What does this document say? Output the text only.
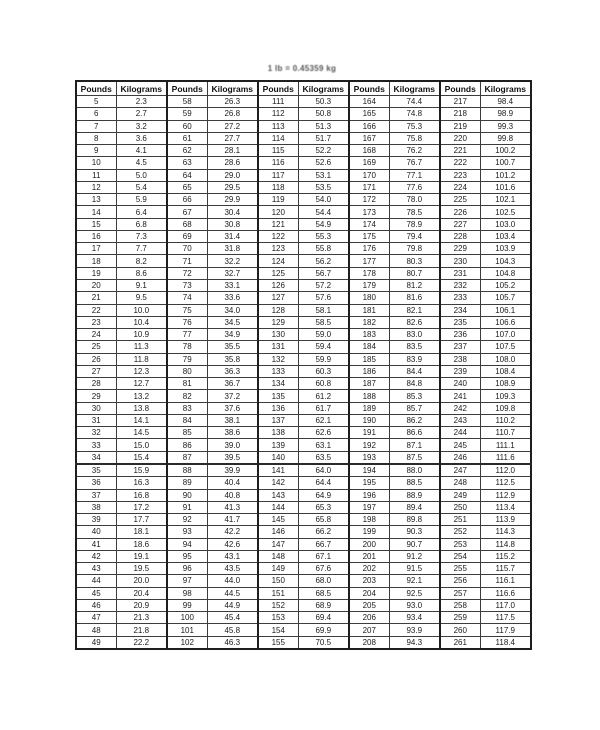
1 lb = 0.45359 kg
Pounds	Kilograms	Pounds	Kilograms	Pounds	Kilograms	Pounds	Kilograms	Pounds	Kilograms
5	2.3	58	26.3	111	50.3	164	74.4	217	98.4
6	2.7	59	26.8	112	50.8	165	74.8	218	98.9
7	3.2	60	27.2	113	51.3	166	75.3	219	99.3
8	3.6	61	27.7	114	51.7	167	75.8	220	99.8
9	4.1	62	28.1	115	52.2	168	76.2	221	100.2
10	4.5	63	28.6	116	52.6	169	76.7	222	100.7
11	5.0	64	29.0	117	53.1	170	77.1	223	101.2
12	5.4	65	29.5	118	53.5	171	77.6	224	101.6
13	5.9	66	29.9	119	54.0	172	78.0	225	102.1
14	6.4	67	30.4	120	54.4	173	78.5	226	102.5
15	6.8	68	30.8	121	54.9	174	78.9	227	103.0
16	7.3	69	31.4	122	55.3	175	79.4	228	103.4
17	7.7	70	31.8	123	55.8	176	79.8	229	103.9
18	8.2	71	32.2	124	56.2	177	80.3	230	104.3
19	8.6	72	32.7	125	56.7	178	80.7	231	104.8
20	9.1	73	33.1	126	57.2	179	81.2	232	105.2
21	9.5	74	33.6	127	57.6	180	81.6	233	105.7
22	10.0	75	34.0	128	58.1	181	82.1	234	106.1
23	10.4	76	34.5	129	58.5	182	82.6	235	106.6
24	10.9	77	34.9	130	59.0	183	83.0	236	107.0
25	11.3	78	35.5	131	59.4	184	83.5	237	107.5
26	11.8	79	35.8	132	59.9	185	83.9	238	108.0
27	12.3	80	36.3	133	60.3	186	84.4	239	108.4
28	12.7	81	36.7	134	60.8	187	84.8	240	108.9
29	13.2	82	37.2	135	61.2	188	85.3	241	109.3
30	13.8	83	37.6	136	61.7	189	85.7	242	109.8
31	14.1	84	38.1	137	62.1	190	86.2	243	110.2
32	14.5	85	38.6	138	62.6	191	86.6	244	110.7
33	15.0	86	39.0	139	63.1	192	87.1	245	111.1
34	15.4	87	39.5	140	63.5	193	87.5	246	111.6
35	15.9	88	39.9	141	64.0	194	88.0	247	112.0
36	16.3	89	40.4	142	64.4	195	88.5	248	112.5
37	16.8	90	40.8	143	64.9	196	88.9	249	112.9
38	17.2	91	41.3	144	65.3	197	89.4	250	113.4
39	17.7	92	41.7	145	65.8	198	89.8	251	113.9
40	18.1	93	42.2	146	66.2	199	90.3	252	114.3
41	18.6	94	42.6	147	66.7	200	90.7	253	114.8
42	19.1	95	43.1	148	67.1	201	91.2	254	115.2
43	19.5	96	43.5	149	67.6	202	91.5	255	115.7
44	20.0	97	44.0	150	68.0	203	92.1	256	116.1
45	20.4	98	44.5	151	68.5	204	92.5	257	116.6
46	20.9	99	44.9	152	68.9	205	93.0	258	117.0
47	21.3	100	45.4	153	69.4	206	93.4	259	117.5
48	21.8	101	45.8	154	69.9	207	93.9	260	117.9
49	22.2	102	46.3	155	70.5	208	94.3	261	118.4
